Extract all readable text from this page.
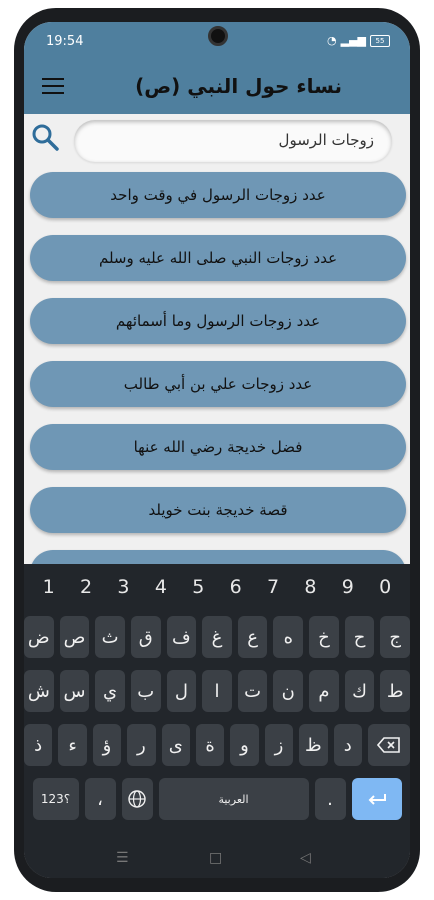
19:54	◔ ▂▄▆	55
نساء حول النبي (ص)
زوجات الرسول
عدد زوجات الرسول في وقت واحد
عدد زوجات النبي صلى الله عليه وسلم
عدد زوجات الرسول وما أسمائهم
عدد زوجات علي بن أبي طالب
فضل خديجة رضي الله عنها
قصة خديجة بنت خويلد
1	2	3	4	5	6	7	8	9	0
ض ص ث	ق	ف	غ	ع	ه	خ	ح	ج
ش س ي	ب	ل	ا	ت	ن	م	ك	ط
ذ	ء	ؤ	ر	ى	ة	و	ز	ظ	د
؟123	،	العربية	.
☰	□	◁
